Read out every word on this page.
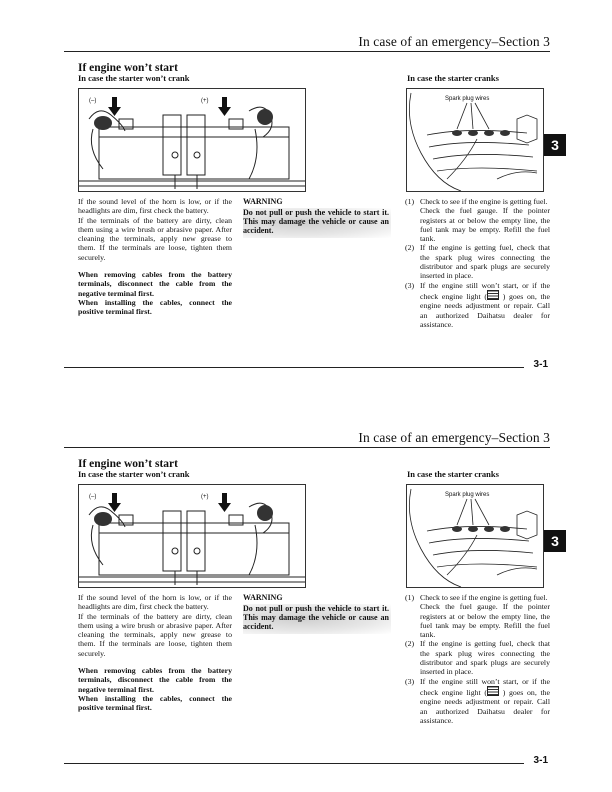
In case of an emergency–Section 3
If engine won’t start
In case the starter won’t crank	In case the starter cranks
(–)	(+)	Spark plug wires
3

If the sound level of the horn is low, or if the headlights are dim, first check the battery.

If the terminals of the battery are dirty, clean them using a wire brush or abrasive paper. After cleaning the terminals, apply new grease to them. If the terminals are loose, tighten them securely.

When removing cables from the battery terminals, disconnect the cable from the negative terminal first.

When installing the cables, connect the positive terminal first.

WARNING
Do not pull or push the vehicle to start it. This may damage the vehicle or cause an accident.
(1) Check to see if the engine is getting fuel.

Check the fuel gauge. If the pointer registers at or below the empty line, the fuel tank may be empty. Refill the fuel tank.

(2) If the engine is getting fuel, check that the spark plug wires connecting the distributor and spark plugs are securely inserted in place.
(3) If the engine still won’t start, or if the check engine light ( ) goes on, the engine needs adjustment or repair. Call an authorized Daihatsu dealer for assistance.
3-1
In case of an emergency–Section 3
If engine won’t start
In case the starter won’t crank	In case the starter cranks
(–)	(+)	Spark plug wires
3

If the sound level of the horn is low, or if the headlights are dim, first check the battery.

If the terminals of the battery are dirty, clean them using a wire brush or abrasive paper. After cleaning the terminals, apply new grease to them. If the terminals are loose, tighten them securely.

When removing cables from the battery terminals, disconnect the cable from the negative terminal first.

When installing the cables, connect the positive terminal first.

WARNING
Do not pull or push the vehicle to start it. This may damage the vehicle or cause an accident.
(1) Check to see if the engine is getting fuel.

Check the fuel gauge. If the pointer registers at or below the empty line, the fuel tank may be empty. Refill the fuel tank.

(2) If the engine is getting fuel, check that the spark plug wires connecting the distributor and spark plugs are securely inserted in place.
(3) If the engine still won’t start, or if the check engine light ( ) goes on, the engine needs adjustment or repair. Call an authorized Daihatsu dealer for assistance.
3-1
